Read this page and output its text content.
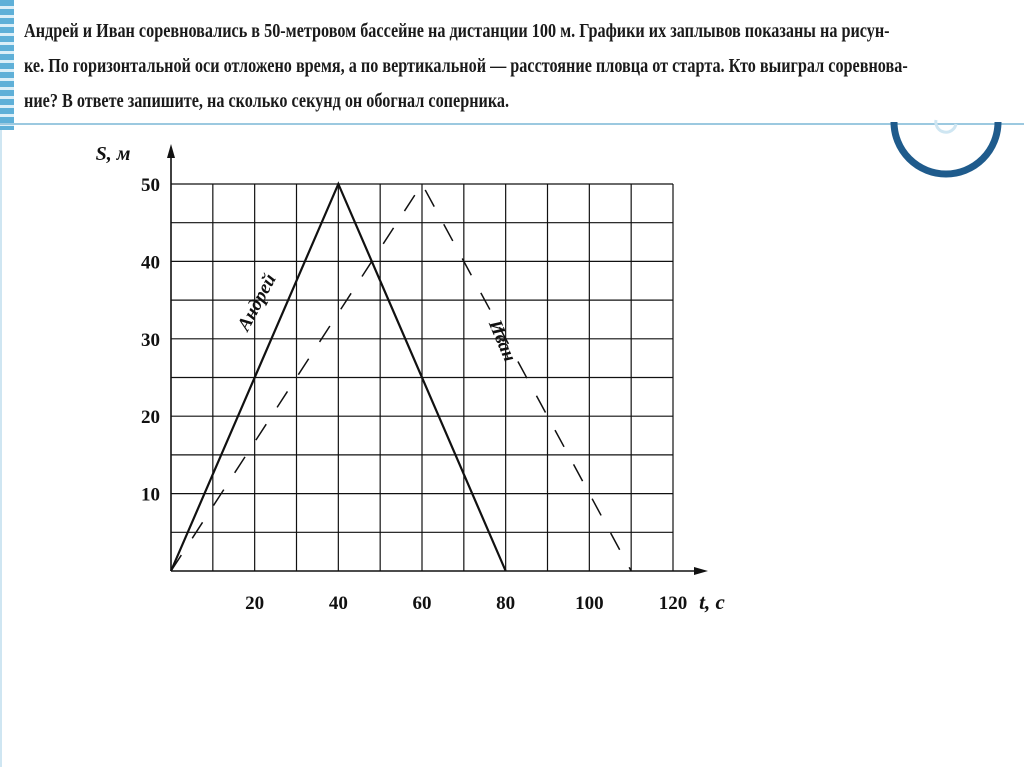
Андрей и Иван соревновались в 50-метровом бассейне на дистанции 100 м. Графики их заплывов показаны на рисун-
ке. По горизонтальной оси отложено время, а по вертикальной — расстояние пловца от старта. Кто выиграл соревнова-
ние? В ответе запишите, на сколько секунд он обогнал соперника.
10
20
30
40
50
20	40	60	80	100	120 t, с
S, м
Андрей
Иван
